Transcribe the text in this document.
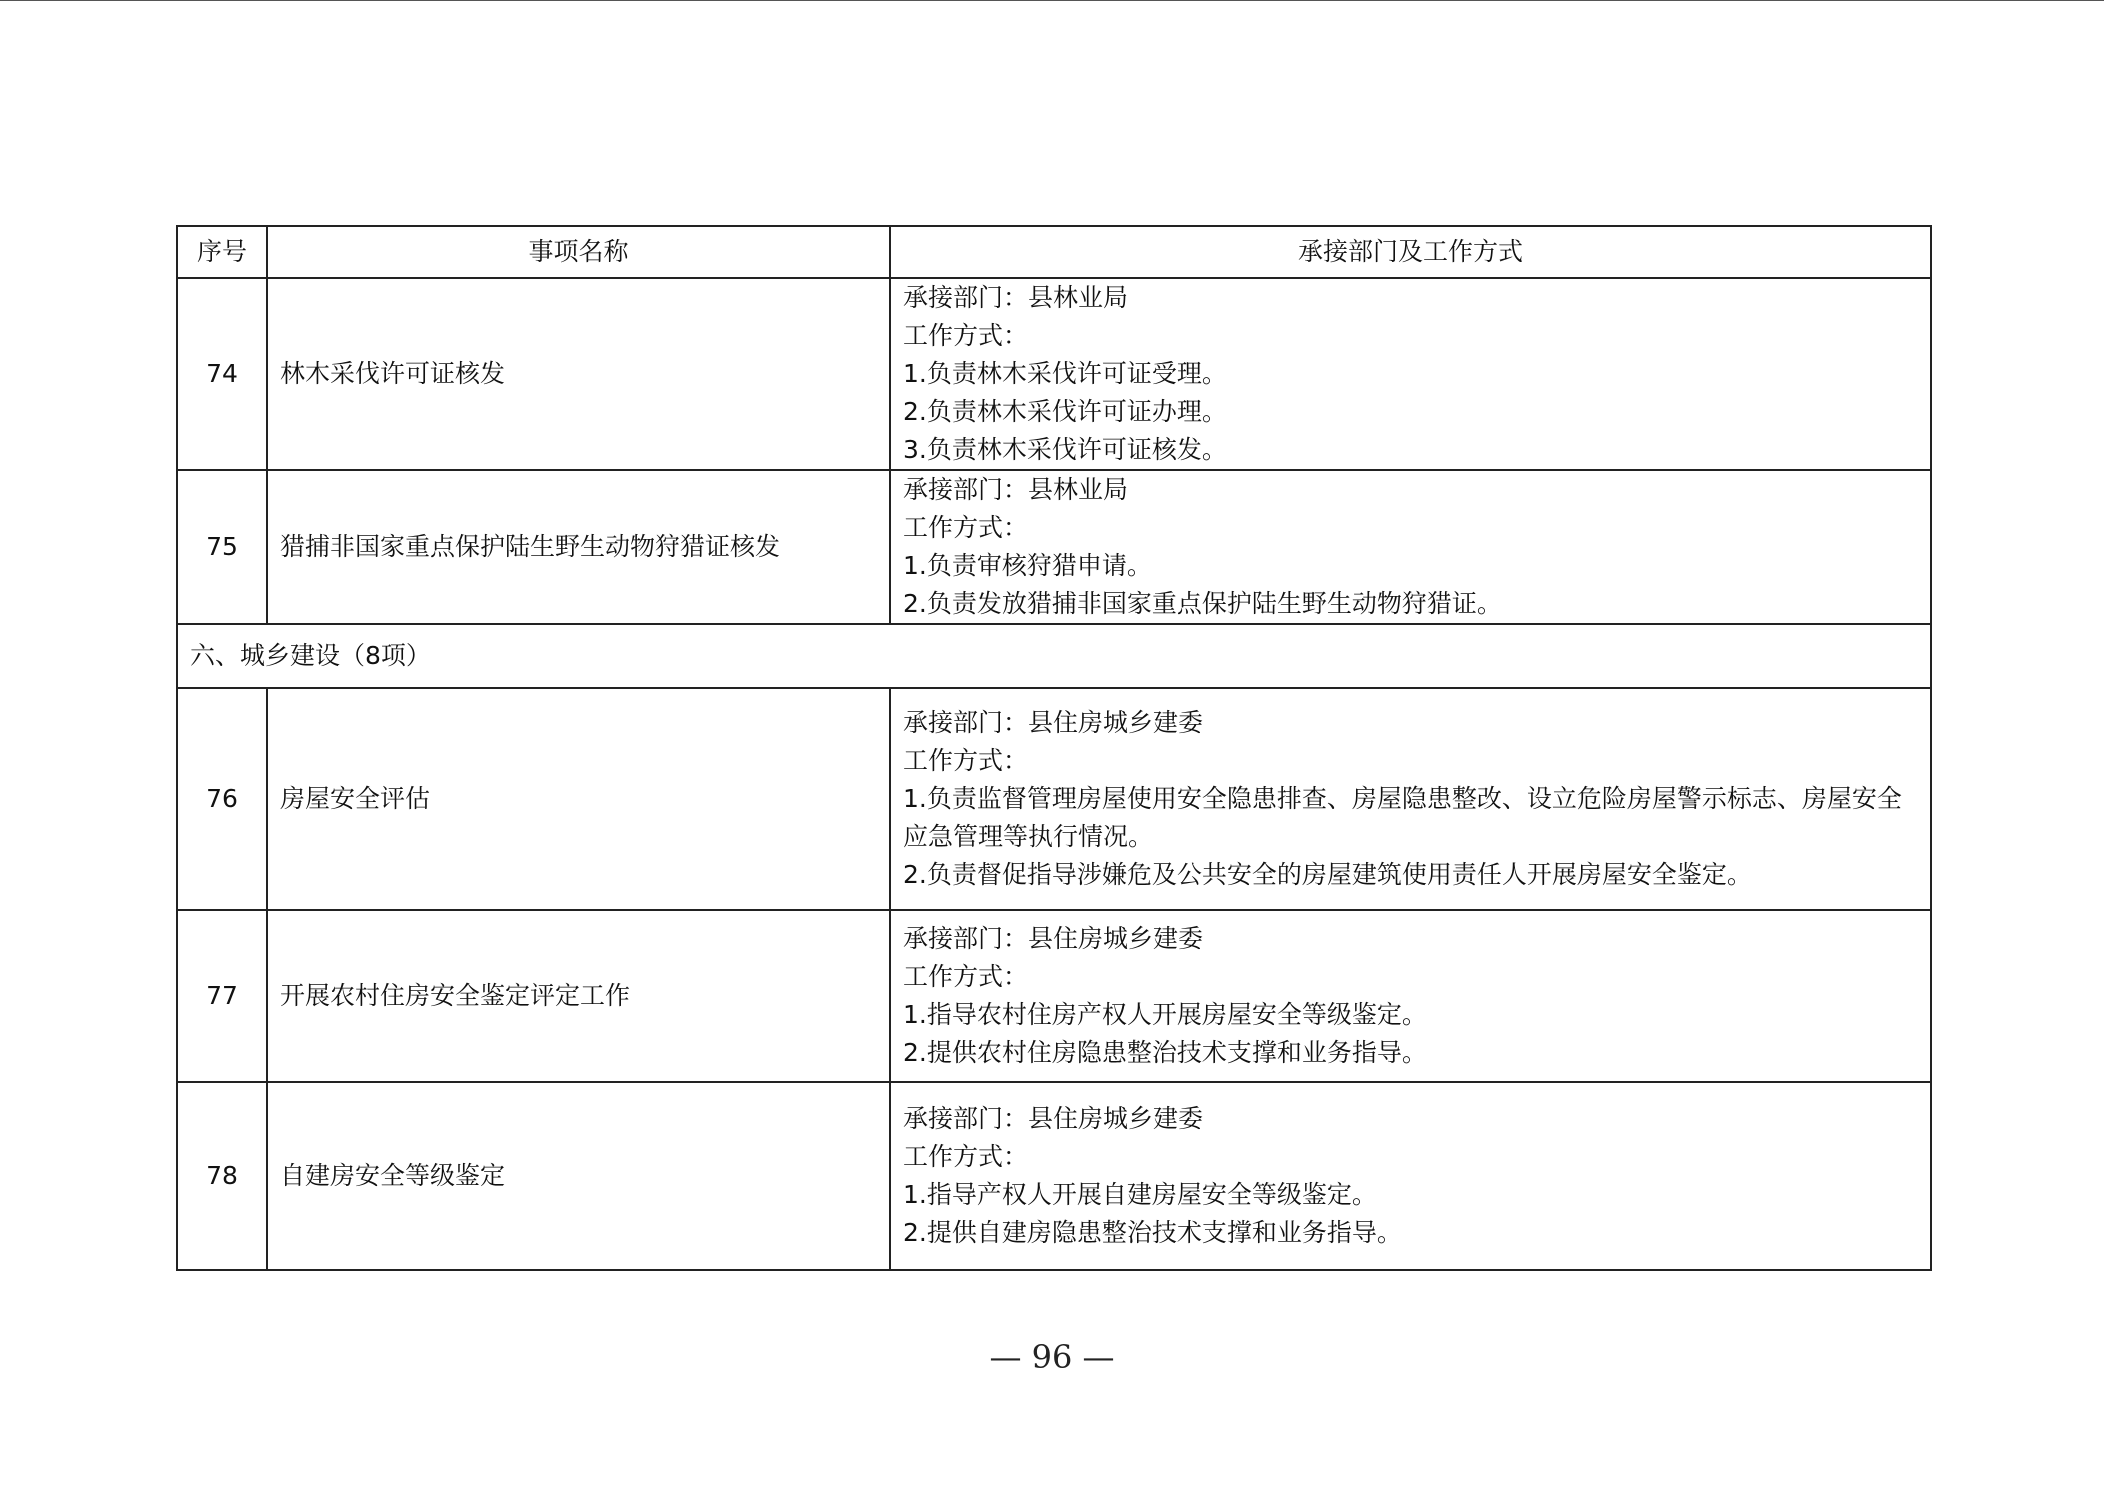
序号	事项名称	承接部门及工作方式
74	林木采伐许可证核发	承接部门：县林业局
工作方式：
1.负责林木采伐许可证受理。
2.负责林木采伐许可证办理。
3.负责林木采伐许可证核发。

75	猎捕非国家重点保护陆生野生动物狩猎证核发	承接部门：县林业局
工作方式：
1.负责审核狩猎申请。
2.负责发放猎捕非国家重点保护陆生野生动物狩猎证。

六、城乡建设（8项）		
76	房屋安全评估	承接部门：县住房城乡建委
工作方式：
1.负责监督管理房屋使用安全隐患排查、房屋隐患整改、设立危险房屋警示标志、房屋安全应急管理等执行情况。
2.负责督促指导涉嫌危及公共安全的房屋建筑使用责任人开展房屋安全鉴定。

77	开展农村住房安全鉴定评定工作	承接部门：县住房城乡建委
工作方式：
1.指导农村住房产权人开展房屋安全等级鉴定。
2.提供农村住房隐患整治技术支撑和业务指导。

78	自建房安全等级鉴定	承接部门：县住房城乡建委
工作方式：
1.指导产权人开展自建房屋安全等级鉴定。
2.提供自建房隐患整治技术支撑和业务指导。
— 96 —
